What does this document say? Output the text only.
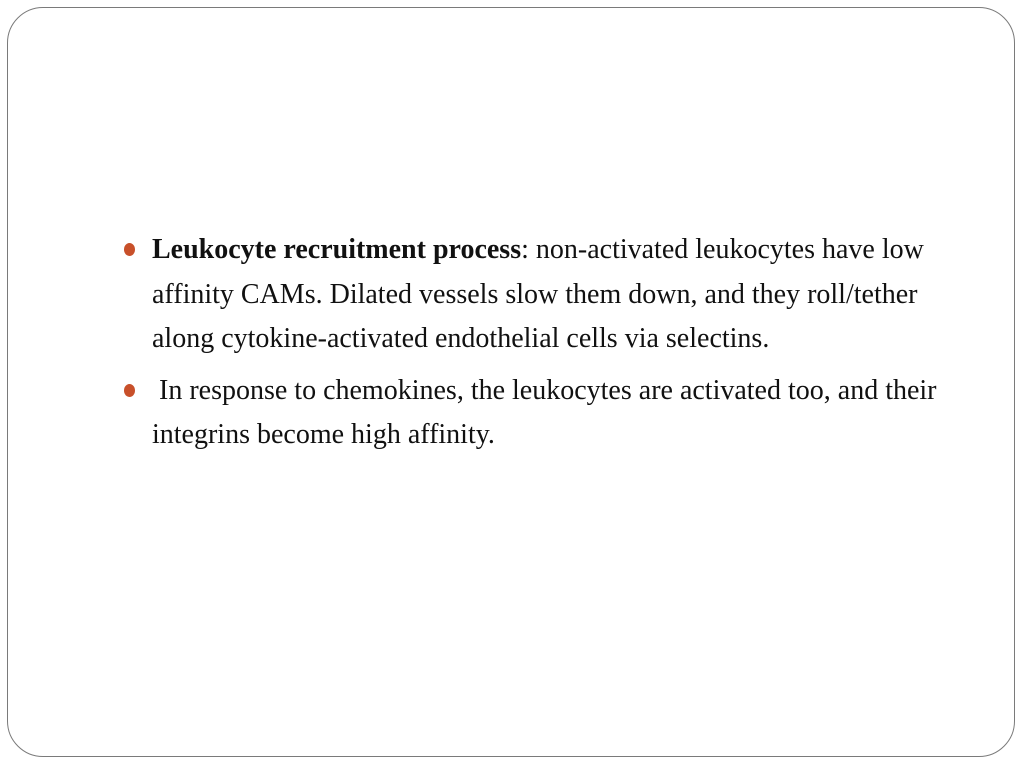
Leukocyte recruitment process: non-activated leukocytes have low affinity CAMs. Dilated vessels slow them down, and they roll/tether along cytokine-activated endothelial cells via selectins.
In response to chemokines, the leukocytes are activated too, and their integrins become high affinity.
